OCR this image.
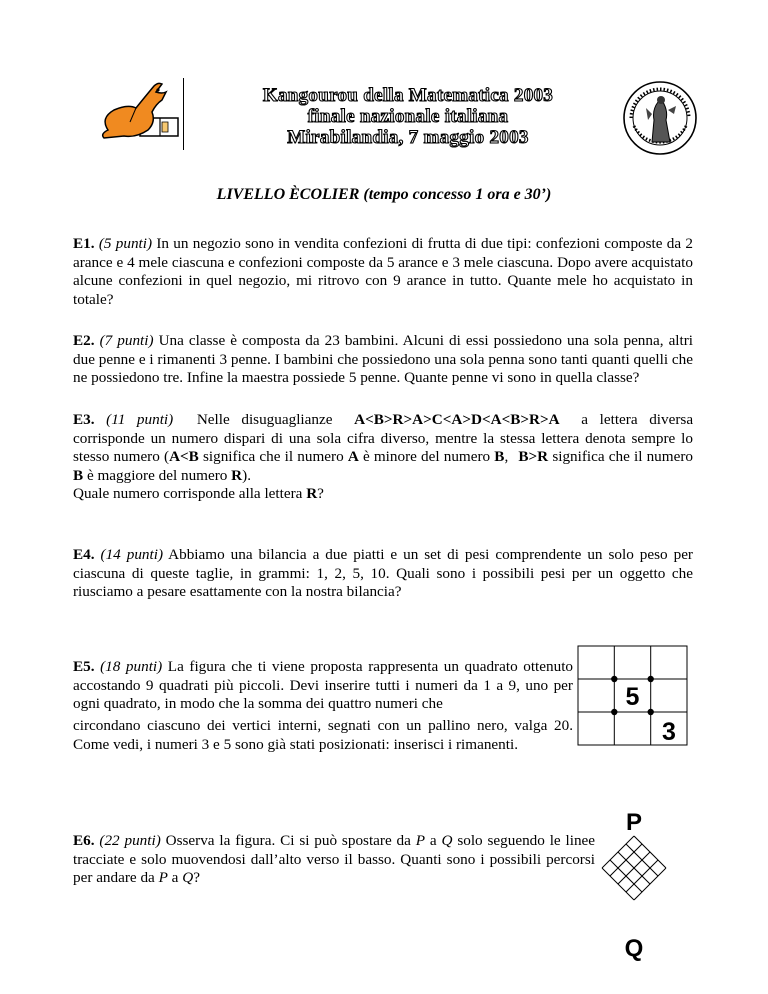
Kangourou della Matematica 2003
finale nazionale italiana
Mirabilandia, 7 maggio 2003
LIVELLO ÈCOLIER (tempo concesso 1 ora e 30’)
E1. (5 punti) In un negozio sono in vendita confezioni di frutta di due tipi: confezioni composte da 2 arance e 4 mele ciascuna e confezioni composte da 5 arance e 3 mele ciascuna. Dopo avere acquistato alcune confezioni in quel negozio, mi ritrovo con 9 arance in tutto. Quante mele ho acquistato in totale?
E2. (7 punti) Una classe è composta da 23 bambini. Alcuni di essi possiedono una sola penna, altri due penne e i rimanenti 3 penne. I bambini che possiedono una sola penna sono tanti quanti quelli che ne possiedono tre. Infine la maestra possiede 5 penne. Quante penne vi sono in quella classe?
E3. (11 punti) Nelle disuguaglianze A<B>R>A>C<A>D<A<B>R>A a lettera diversa corrisponde un numero dispari di una sola cifra diverso, mentre la stessa lettera denota sempre lo stesso numero (A<B significa che il numero A è minore del numero B, B>R significa che il numero B è maggiore del numero R).
Quale numero corrisponde alla lettera R?
E4. (14 punti) Abbiamo una bilancia a due piatti e un set di pesi comprendente un solo peso per ciascuna di queste taglie, in grammi: 1, 2, 5, 10. Quali sono i possibili pesi per un oggetto che riusciamo a pesare esattamente con la nostra bilancia?
E5. (18 punti) La figura che ti viene proposta rappresenta un quadrato ottenuto accostando 9 quadrati più piccoli. Devi inserire tutti i numeri da 1 a 9, uno per ogni quadrato, in modo che la somma dei quattro numeri che
circondano ciascuno dei vertici interni, segnati con un pallino nero, valga 20. Come vedi, i numeri 3 e 5 sono già stati posizionati: inserisci i rimanenti.
5
3
E6. (22 punti) Osserva la figura. Ci si può spostare da P a Q solo seguendo le linee tracciate e solo muovendosi dall’alto verso il basso. Quanti sono i possibili percorsi per andare da P a Q?
P
Q
